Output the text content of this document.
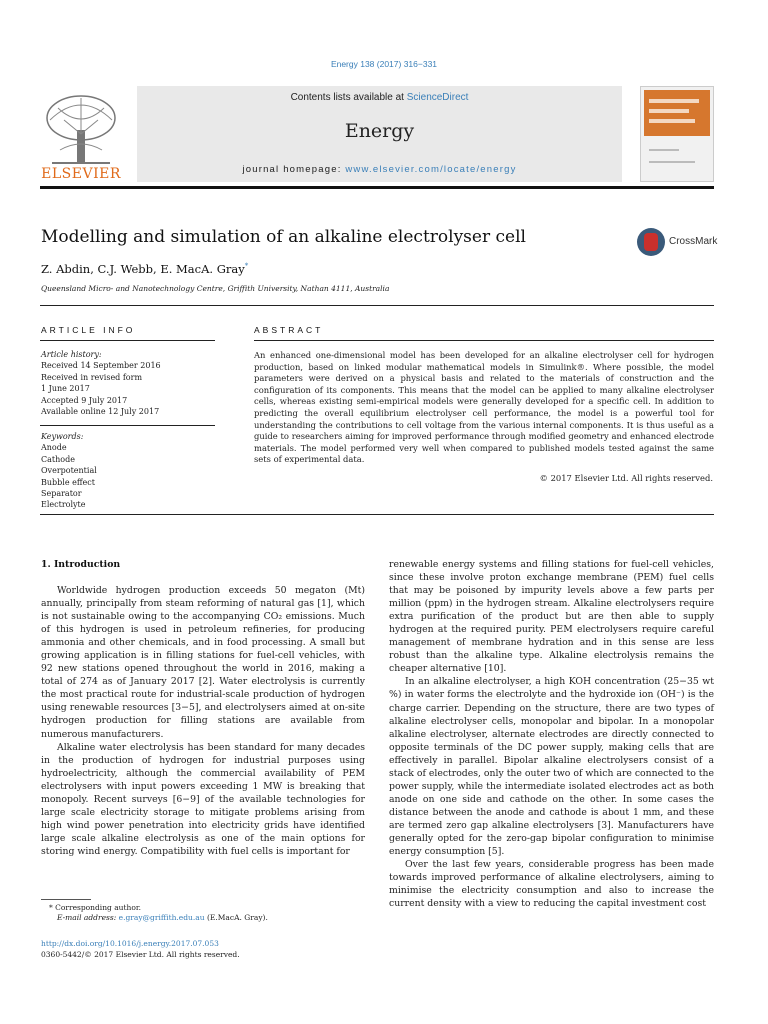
Energy 138 (2017) 316−331
ELSEVIER
Contents lists available at ScienceDirect
Energy
journal homepage: www.elsevier.com/locate/energy
Modelling and simulation of an alkaline electrolyser cell	CrossMark
Z. Abdin, C.J. Webb, E. MacA. Gray*
Queensland Micro- and Nanotechnology Centre, Griffith University, Nathan 4111, Australia
ARTICLE INFO
Article history:
Received 14 September 2016
Received in revised form
1 June 2017
Accepted 9 July 2017
Available online 12 July 2017
Keywords:
Anode
Cathode
Overpotential
Bubble effect
Separator
Electrolyte
ABSTRACT
An enhanced one-dimensional model has been developed for an alkaline electrolyser cell for hydrogen production, based on linked modular mathematical models in Simulink®. Where possible, the model parameters were derived on a physical basis and related to the materials of construction and the configuration of its components. This means that the model can be applied to many alkaline electrolyser cells, whereas existing semi-empirical models were generally developed for a specific cell. In addition to predicting the overall equilibrium electrolyser cell performance, the model is a powerful tool for understanding the contributions to cell voltage from the various internal components. It is thus useful as a guide to researchers aiming for improved performance through modified geometry and enhanced electrode materials. The model performed very well when compared to published models tested against the same sets of experimental data.
© 2017 Elsevier Ltd. All rights reserved.
1. Introduction

Worldwide hydrogen production exceeds 50 megaton (Mt) annually, principally from steam reforming of natural gas [1], which is not sustainable owing to the accompanying CO₂ emissions. Much of this hydrogen is used in petroleum refineries, for producing ammonia and other chemicals, and in food processing. A small but growing application is in filling stations for fuel-cell vehicles, with 92 new stations opened throughout the world in 2016, making a total of 274 as of January 2017 [2]. Water electrolysis is currently the most practical route for industrial-scale production of hydrogen using renewable resources [3−5], and electrolysers aimed at on-site hydrogen production for filling stations are available from numerous manufacturers.

Alkaline water electrolysis has been standard for many decades in the production of hydrogen for industrial purposes using hydroelectricity, although the commercial availability of PEM electrolysers with input powers exceeding 1 MW is breaking that monopoly. Recent surveys [6−9] of the available technologies for large scale electricity storage to mitigate problems arising from high wind power penetration into electricity grids have identified large scale alkaline electrolysis as one of the main options for storing wind energy. Compatibility with fuel cells is important for

renewable energy systems and filling stations for fuel-cell vehicles, since these involve proton exchange membrane (PEM) fuel cells that may be poisoned by impurity levels above a few parts per million (ppm) in the hydrogen stream. Alkaline electrolysers require extra purification of the product but are then able to supply hydrogen at the required purity. PEM electrolysers require careful management of membrane hydration and in this sense are less robust than the alkaline type. Alkaline electrolysis remains the cheaper alternative [10].

In an alkaline electrolyser, a high KOH concentration (25−35 wt %) in water forms the electrolyte and the hydroxide ion (OH⁻) is the charge carrier. Depending on the structure, there are two types of alkaline electrolyser cells, monopolar and bipolar. In a monopolar alkaline electrolyser, alternate electrodes are directly connected to opposite terminals of the DC power supply, making cells that are effectively in parallel. Bipolar alkaline electrolysers consist of a stack of electrodes, only the outer two of which are connected to the power supply, while the intermediate isolated electrodes act as both anode on one side and cathode on the other. In some cases the distance between the anode and cathode is about 1 mm, and these are termed zero gap alkaline electrolysers [3]. Manufacturers have generally opted for the zero-gap bipolar configuration to minimise energy consumption [5].

Over the last few years, considerable progress has been made towards improved performance of alkaline electrolysers, aiming to minimise the electricity consumption and also to increase the current density with a view to reducing the capital investment cost

* Corresponding author.
E-mail address: e.gray@griffith.edu.au (E.MacA. Gray).
http://dx.doi.org/10.1016/j.energy.2017.07.053
0360-5442/© 2017 Elsevier Ltd. All rights reserved.
